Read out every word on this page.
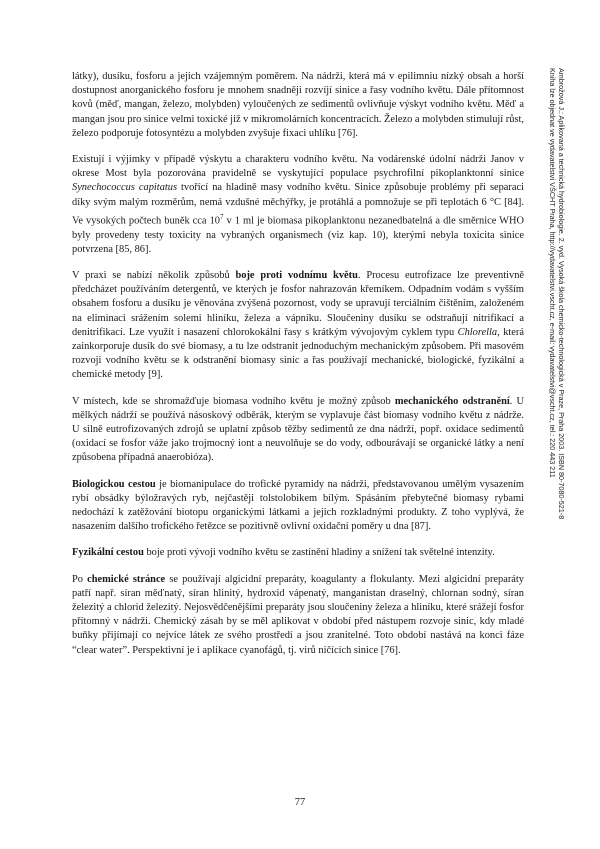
látky), dusíku, fosforu a jejich vzájemným poměrem. Na nádrži, která má v epilimniu nízký obsah a horší dostupnost anorganického fosforu je mnohem snadněji rozvíjí sinice a řasy vodního květu. Dále přítomnost kovů (měď, mangan, železo, molybden) vyloučených ze sedimentů ovlivňuje výskyt vodního květu. Měď a mangan jsou pro sinice velmi toxické již v mikromolárních koncentracích. Železo a molybden stimulují růst, železo podporuje fotosyntézu a molybden zvyšuje fixaci uhlíku [76].

Existují i výjimky v případě výskytu a charakteru vodního květu. Na vodárenské údolní nádrži Janov v okrese Most byla pozorována pravidelně se vyskytující populace psychrofilní pikoplanktonní sinice Synechococcus capitatus tvořící na hladině masy vodního květu. Sinice způsobuje problémy při separaci díky svým malým rozměrům, nemá vzdušné měchýřky, je protáhlá a pomnožuje se při teplotách 6 °C [84]. Ve vysokých počtech buněk cca $10^7$ v 1 ml je biomasa pikoplanktonu nezanedbatelná a dle směrnice WHO byly provedeny testy toxicity na vybraných organismech (viz kap. 10), kterými nebyla toxicita sinice potvrzena [85, 86].

V praxi se nabízí několik způsobů boje proti vodnímu květu. Procesu eutrofizace lze preventivně předcházet používáním detergentů, ve kterých je fosfor nahrazován křemíkem. Odpadním vodám s vyšším obsahem fosforu a dusíku je věnována zvýšená pozornost, vody se upravují terciálním čištěním, založeném na eliminaci srážením solemi hliníku, železa a vápníku. Sloučeniny dusíku se odstraňují nitrifikací a denitrifikací. Lze využít i nasazení chlorokokální řasy s krátkým vývojovým cyklem typu Chlorella, která zainkorporuje dusík do své biomasy, a tu lze odstranit jednoduchým mechanickým způsobem. Při masovém rozvoji vodního květu se k odstranění biomasy sinic a řas používají mechanické, biologické, fyzikální a chemické metody [9].

V místech, kde se shromažďuje biomasa vodního květu je možný způsob mechanického odstranění. U mělkých nádrží se používá násoskový odběrák, kterým se vyplavuje část biomasy vodního květu z nádrže. U silně eutrofizovaných zdrojů se uplatní způsob těžby sedimentů ze dna nádrží, popř. oxidace sedimentů (oxidací se fosfor váže jako trojmocný iont a neuvolňuje se do vody, odbourávají se organické látky a není způsobena případná anaerobióza).

Biologickou cestou je biomanipulace do trofické pyramidy na nádrži, představovanou umělým vysazením rybí obsádky býložravých ryb, nejčastěji tolstolobikem bílým. Spásáním přebytečné biomasy rybami nedochází k zatěžování biotopu organickými látkami a jejich rozkladnými produkty. Z toho vyplývá, že nasazením dalšího trofického řetězce se pozitivně ovlivní oxidační poměry u dna [87].

Fyzikální cestou boje proti vývoji vodního květu se zastínění hladiny a snížení tak světelné intenzity.

Po chemické stránce se používají algicidní preparáty, koagulanty a flokulanty. Mezi algicidní preparáty patří např. síran měďnatý, síran hlinitý, hydroxid vápenatý, manganistan draselný, chlornan sodný, síran železitý a chlorid železitý. Nejosvědčenějšími preparáty jsou sloučeniny železa a hliníku, které srážejí fosfor přítomný v nádrži. Chemický zásah by se měl aplikovat v období před nástupem rozvoje sinic, kdy mladé buňky přijímají co nejvíce látek ze svého prostředí a jsou zranitelné. Toto období nastává na konci fáze “clear water”. Perspektivní je i aplikace cyanofágů, tj. virů ničících sinice [76].

Ambrožová J.: Aplikovaná a technická hydrobiologie. 2. vyd. Vysoká škola chemicko-technologická v Praze, Praha 2003. ISBN 80-7080-521-8
Kniha lze objednat ve vydavatelství VŠCHT Praha, http://vydavatelstvi.vscht.cz, e-mail: vydavatelstvi@vscht.cz, tel.: 220 443 211
77
